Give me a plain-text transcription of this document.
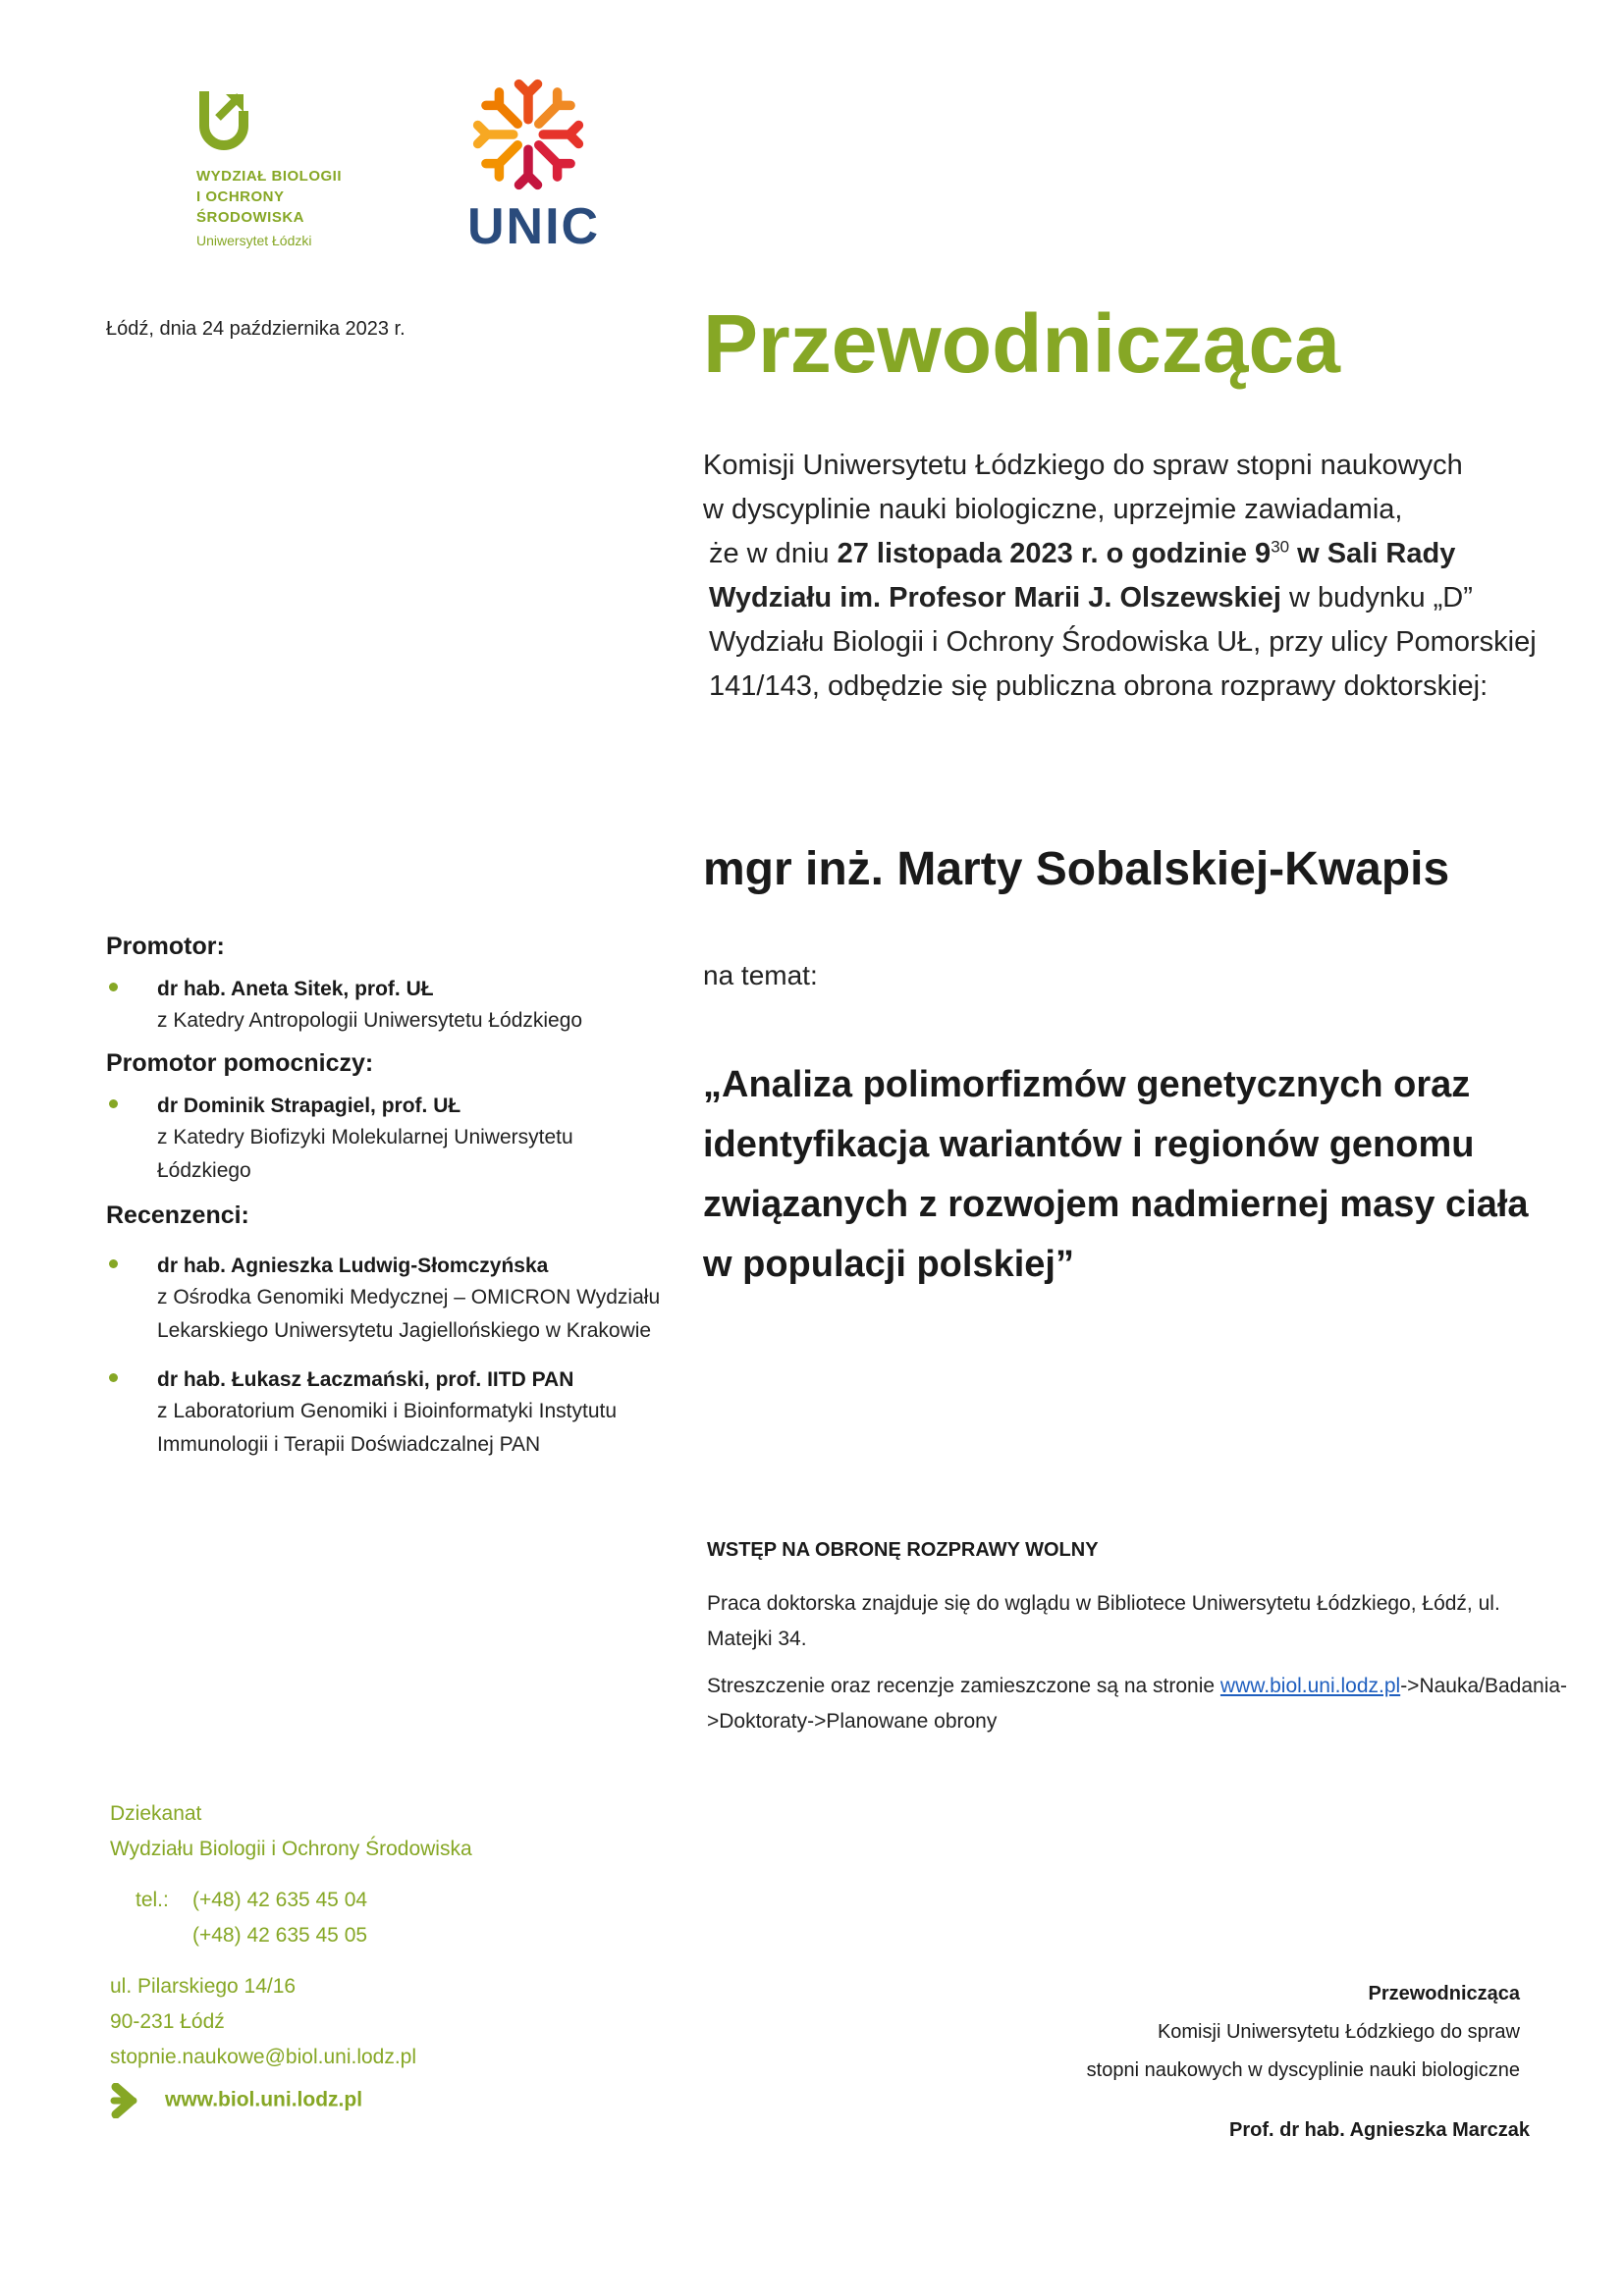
WYDZIAŁ BIOLOGII
I OCHRONY
ŚRODOWISKA
Uniwersytet Łódzki	UNIC
Łódź, dnia 24 października 2023 r.	Przewodnicząca
Komisji Uniwersytetu Łódzkiego do spraw stopni naukowych
w dyscyplinie nauki biologiczne, uprzejmie zawiadamia,
że w dniu 27 listopada 2023 r. o godzinie $9^{30}$ w Sali Rady Wydziału im. Profesor Marii J. Olszewskiej w budynku „D” Wydziału Biologii i Ochrony Środowiska UŁ, przy ulicy Pomorskiej 141/143, odbędzie się publiczna obrona rozprawy doktorskiej:
mgr inż. Marty Sobalskiej-Kwapis
na temat:
„Analiza polimorfizmów genetycznych oraz identyfikacja wariantów i regionów genomu związanych z rozwojem nadmiernej masy ciała w populacji polskiej”
Promotor:
dr hab. Aneta Sitek, prof. UŁ
z Katedry Antropologii Uniwersytetu Łódzkiego
Promotor pomocniczy:
dr Dominik Strapagiel, prof. UŁ
z Katedry Biofizyki Molekularnej Uniwersytetu Łódzkiego
Recenzenci:
dr hab. Agnieszka Ludwig-Słomczyńska
z Ośrodka Genomiki Medycznej – OMICRON Wydziału Lekarskiego Uniwersytetu Jagiellońskiego w Krakowie
dr hab. Łukasz Łaczmański, prof. IITD PAN
z Laboratorium Genomiki i Bioinformatyki Instytutu Immunologii i Terapii Doświadczalnej PAN
WSTĘP NA OBRONĘ ROZPRAWY WOLNY
Praca doktorska znajduje się do wglądu w Bibliotece Uniwersytetu Łódzkiego, Łódź, ul. Matejki 34.
Streszczenie oraz recenzje zamieszczone są na stronie www.biol.uni.lodz.pl->Nauka/Badania->Doktoraty->Planowane obrony
Dziekanat
Wydziału Biologii i Ochrony Środowiska
tel.: (+48) 42 635 45 04
(+48) 42 635 45 05
ul. Pilarskiego 14/16
90-231 Łódź
stopnie.naukowe@biol.uni.lodz.pl
www.biol.uni.lodz.pl
Przewodnicząca
Komisji Uniwersytetu Łódzkiego do spraw
stopni naukowych w dyscyplinie nauki biologiczne
Prof. dr hab. Agnieszka Marczak
